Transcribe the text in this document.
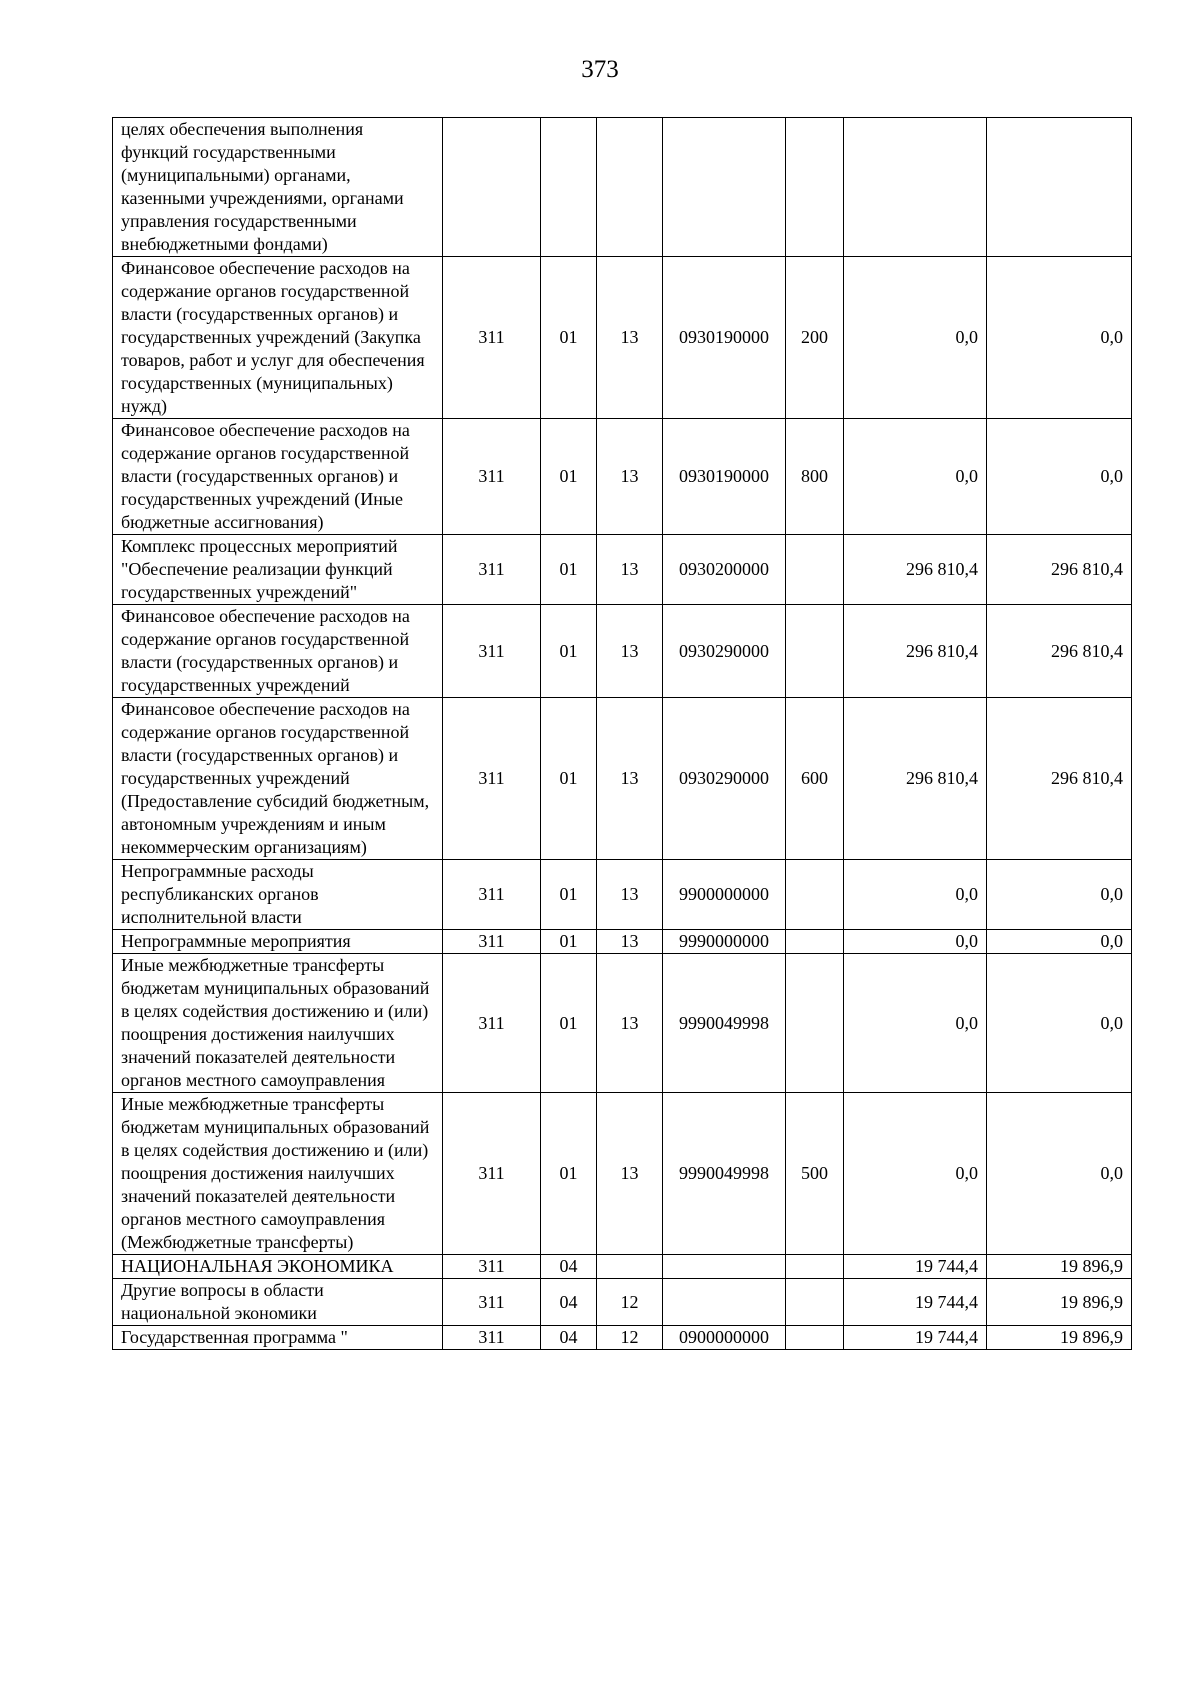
373
целях обеспечения выполнения функций государственными (муниципальными) органами, казенными учреждениями, органами управления государственными внебюджетными фондами)							
Финансовое обеспечение расходов на содержание органов государственной власти (государственных органов) и государственных учреждений (Закупка товаров, работ и услуг для обеспечения государственных (муниципальных) нужд)	311	01	13	0930190000	200	0,0	0,0
Финансовое обеспечение расходов на содержание органов государственной власти (государственных органов) и государственных учреждений (Иные бюджетные ассигнования)	311	01	13	0930190000	800	0,0	0,0
Комплекс процессных мероприятий "Обеспечение реализации функций государственных учреждений"	311	01	13	0930200000		296 810,4	296 810,4
Финансовое обеспечение расходов на содержание органов государственной власти (государственных органов) и государственных учреждений	311	01	13	0930290000		296 810,4	296 810,4
Финансовое обеспечение расходов на содержание органов государственной власти (государственных органов) и государственных учреждений (Предоставление субсидий бюджетным, автономным учреждениям и иным некоммерческим организациям)	311	01	13	0930290000	600	296 810,4	296 810,4
Непрограммные расходы республиканских органов исполнительной власти	311	01	13	9900000000		0,0	0,0
Непрограммные мероприятия	311	01	13	9990000000		0,0	0,0
Иные межбюджетные трансферты бюджетам муниципальных образований в целях содействия достижению и (или) поощрения достижения наилучших значений показателей деятельности органов местного самоуправления	311	01	13	9990049998		0,0	0,0
Иные межбюджетные трансферты бюджетам муниципальных образований в целях содействия достижению и (или) поощрения достижения наилучших значений показателей деятельности органов местного самоуправления (Межбюджетные трансферты)	311	01	13	9990049998	500	0,0	0,0
НАЦИОНАЛЬНАЯ ЭКОНОМИКА	311	04				19 744,4	19 896,9
Другие вопросы в области национальной экономики	311	04	12			19 744,4	19 896,9
Государственная программа "	311	04	12	0900000000		19 744,4	19 896,9
